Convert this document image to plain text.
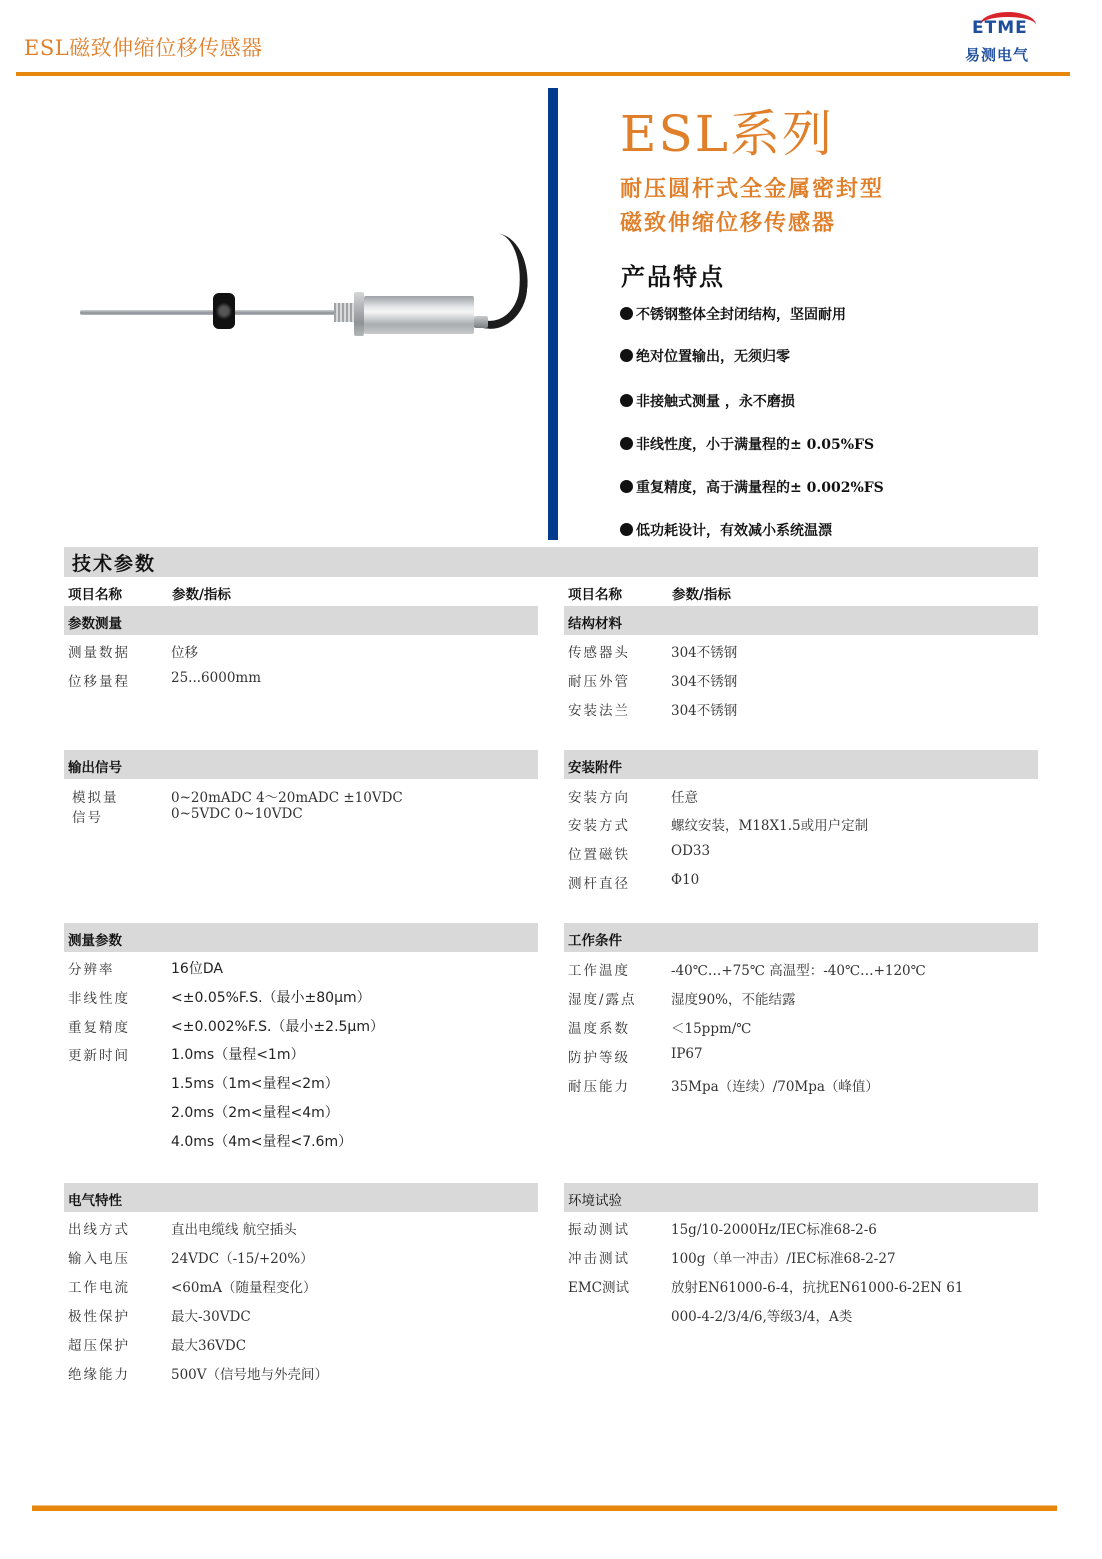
ESL磁致伸缩位移传感器
ETME
易测电气
ESL系列
耐压圆杆式全金属密封型
磁致伸缩位移传感器
产品特点
不锈钢整体全封闭结构，坚固耐用
绝对位置输出，无须归零
非接触式测量 ，永不磨损
非线性度，小于满量程的± 0.05%FS
重复精度，高于满量程的± 0.002%FS
低功耗设计，有效减小系统温漂
技术参数
项目名称	参数/指标
参数测量
测量数据	位移
位移量程	25...6000mm
输出信号
模拟量	0~20mADC 4～20mADC ±10VDC
信号	0~5VDC 0~10VDC
测量参数
分辨率	16位DA
非线性度	<±0.05%F.S.（最小±80μm）
重复精度	<±0.002%F.S.（最小±2.5μm）
更新时间	1.0ms（量程<1m）
1.5ms（1m<量程<2m）
2.0ms（2m<量程<4m）
4.0ms（4m<量程<7.6m）
电气特性
出线方式	直出电缆线 航空插头
输入电压	24VDC（-15/+20%）
工作电流	<60mA（随量程变化）
极性保护	最大-30VDC
超压保护	最大36VDC
绝缘能力	500V（信号地与外壳间）
项目名称	参数/指标
结构材料
传感器头	304不锈钢
耐压外管	304不锈钢
安装法兰	304不锈钢
安装附件
安装方向	任意
安装方式	螺纹安装，M18X1.5或用户定制
位置磁铁	OD33
测杆直径	Φ10
工作条件
工作温度	-40℃…+75℃ 高温型：-40℃…+120℃
湿度/露点	湿度90%，不能结露
温度系数	＜15ppm/℃
防护等级	IP67
耐压能力	35Mpa（连续）/70Mpa（峰值）
环境试验
振动测试	15g/10-2000Hz/IEC标准68-2-6
冲击测试	100g（单一冲击）/IEC标准68-2-27
EMC测试	放射EN61000-6-4，抗扰EN61000-6-2EN 61
000-4-2/3/4/6,等级3/4，A类
